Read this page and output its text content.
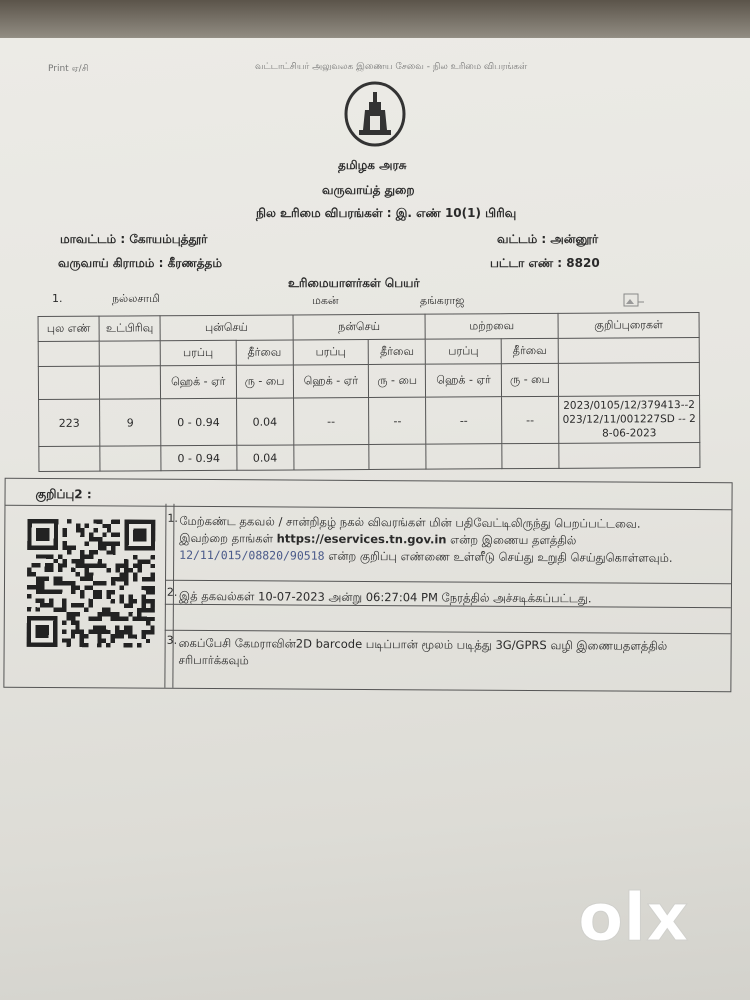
Print ஏ/சி	வட்டாட்சியர் அலுவலக இணைய சேவை - நில உரிமை விபரங்கள்
தமிழக அரசு
வருவாய்த் துறை
நில உரிமை விபரங்கள் : இ. எண் 10(1) பிரிவு
மாவட்டம் : கோயம்புத்தூர்	வட்டம் : அன்னூர்
வருவாய் கிராமம் : கீரணத்தம்	பட்டா எண் : 8820
உரிமையாளர்கள் பெயர்
1.	நல்லசாமி	மகன்	தங்கராஜ
புல எண்	உட்பிரிவு	புன்செய்		நன்செய்		மற்றவை		குறிப்புரைகள்
		பரப்பு	தீர்வை	பரப்பு	தீர்வை	பரப்பு	தீர்வை	
		ஹெக் - ஏர்	ரு - பை	ஹெக் - ஏர்	ரு - பை	ஹெக் - ஏர்	ரு - பை	
223	9	0 - 0.94	0.04	--	--	--	--	2023/0105/12/379413--2023/12/11/001227SD -- 28-06-2023
		0 - 0.94	0.04					
குறிப்பு2 :
1. மேற்கண்ட தகவல் / சான்றிதழ் நகல் விவரங்கள் மின் பதிவேட்டிலிருந்து பெறப்பட்டவை. இவற்றை தாங்கள் https://eservices.tn.gov.in என்ற இணைய தளத்தில் 12/11/015/08820/90518 என்ற குறிப்பு எண்ணை உள்ளீடு செய்து உறுதி செய்துகொள்ளவும்.
2. இத் தகவல்கள் 10-07-2023 அன்று 06:27:04 PM நேரத்தில் அச்சடிக்கப்பட்டது.
3. கைப்பேசி கேமராவின்2D barcode படிப்பான் மூலம் படித்து 3G/GPRS வழி இணையதளத்தில் சரிபார்க்கவும்
olx
